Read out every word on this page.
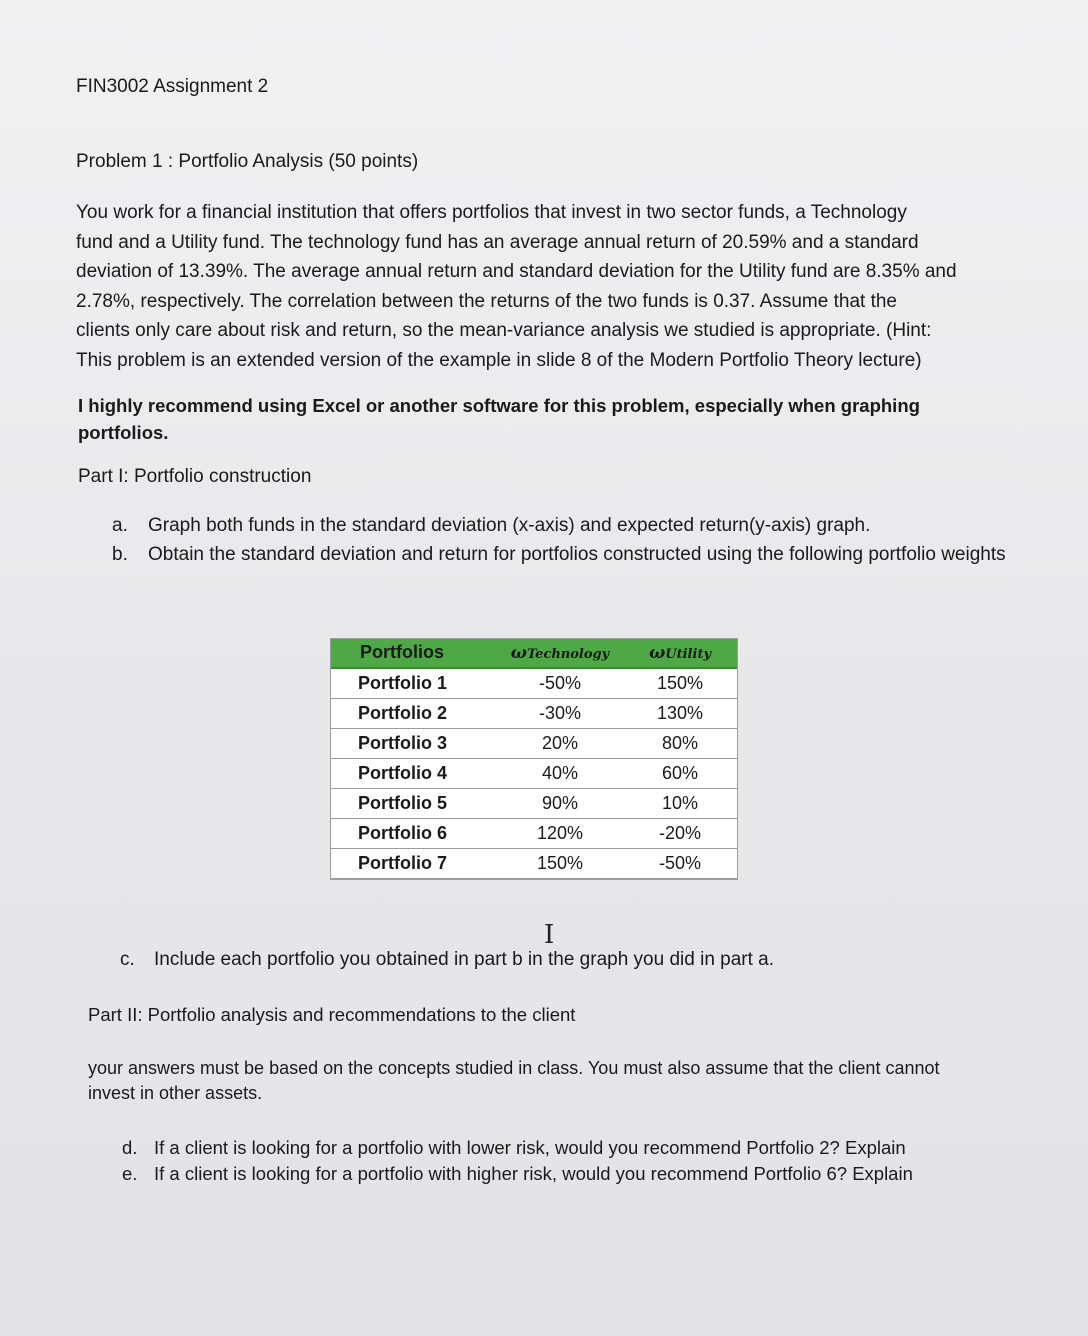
FIN3002 Assignment 2
Problem 1 : Portfolio Analysis (50 points)

You work for a financial institution that offers portfolios that invest in two sector funds, a Technology

fund and a Utility fund. The technology fund has an average annual return of 20.59% and a standard

deviation of 13.39%. The average annual return and standard deviation for the Utility fund are 8.35% and

2.78%, respectively. The correlation between the returns of the two funds is 0.37. Assume that the

clients only care about risk and return, so the mean-variance analysis we studied is appropriate. (Hint:

This problem is an extended version of the example in slide 8 of the Modern Portfolio Theory lecture)

I highly recommend using Excel or another software for this problem, especially when graphing portfolios.
Part I: Portfolio construction
a. Graph both funds in the standard deviation (x-axis) and expected return(y-axis) graph.
b. Obtain the standard deviation and return for portfolios constructed using the following portfolio weights
Portfolios	ωTechnology	ωUtility
Portfolio 1	-50%	150%
Portfolio 2	-30%	130%
Portfolio 3	20%	80%
Portfolio 4	40%	60%
Portfolio 5	90%	10%
Portfolio 6	120%	-20%
Portfolio 7	150%	-50%
I
c. Include each portfolio you obtained in part b in the graph you did in part a.
Part II: Portfolio analysis and recommendations to the client
your answers must be based on the concepts studied in class. You must also assume that the client cannot invest in other assets.
d. If a client is looking for a portfolio with lower risk, would you recommend Portfolio 2? Explain
e. If a client is looking for a portfolio with higher risk, would you recommend Portfolio 6? Explain
